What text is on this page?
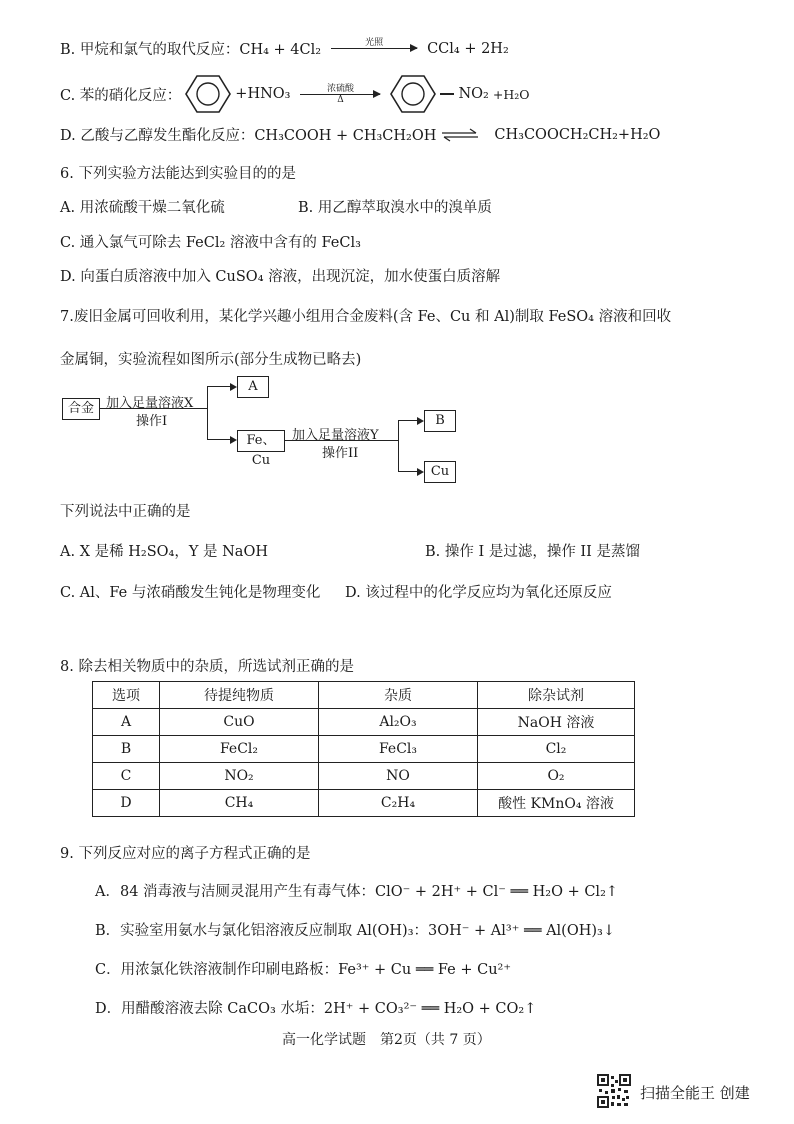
B. 甲烷和氯气的取代反应：CH₄ + 4Cl₂	光照
	CCl₄ + 2H₂
C. 苯的硝化反应：	+HNO₃	浓硫酸
Δ	NO₂ +H₂O
D. 乙酸与乙醇发生酯化反应：CH₃COOH + CH₃CH₂OH ⇌ CH₃COOCH₂CH₂+H₂O
6. 下列实验方法能达到实验目的的是
A. 用浓硫酸干燥二氧化硫	B. 用乙醇萃取溴水中的溴单质
C. 通入氯气可除去 FeCl₂ 溶液中含有的 FeCl₃
D. 向蛋白质溶液中加入 CuSO₄ 溶液，出现沉淀，加水使蛋白质溶解
7.废旧金属可回收利用，某化学兴趣小组用合金废料(含 Fe、Cu 和 Al)制取 FeSO₄ 溶液和回收
金属铜，实验流程如图所示(部分生成物已略去)
合金 加入足量溶液X
操作I
A
Fe、Cu
加入足量溶液Y
操作II
B
Cu
下列说法中正确的是
A. X 是稀 H₂SO₄，Y 是 NaOH	B. 操作 I 是过滤，操作 II 是蒸馏
C. Al、Fe 与浓硝酸发生钝化是物理变化 D. 该过程中的化学反应均为氧化还原反应
8. 除去相关物质中的杂质，所选试剂正确的是
选项	待提纯物质	杂质	除杂试剂
A	CuO	Al₂O₃	NaOH 溶液
B	FeCl₂	FeCl₃	Cl₂
C	NO₂	NO	O₂
D	CH₄	C₂H₄	酸性 KMnO₄ 溶液
9. 下列反应对应的离子方程式正确的是
A．84 消毒液与洁厕灵混用产生有毒气体：ClO⁻ + 2H⁺ + Cl⁻ ══ H₂O + Cl₂↑
B．实验室用氨水与氯化铝溶液反应制取 Al(OH)₃：3OH⁻ + Al³⁺ ══ Al(OH)₃↓
C．用浓氯化铁溶液制作印刷电路板：Fe³⁺ + Cu ══ Fe + Cu²⁺
D．用醋酸溶液去除 CaCO₃ 水垢：2H⁺ + CO₃²⁻ ══ H₂O + CO₂↑
高一化学试题　第2页（共 7 页）
扫描全能王 创建
